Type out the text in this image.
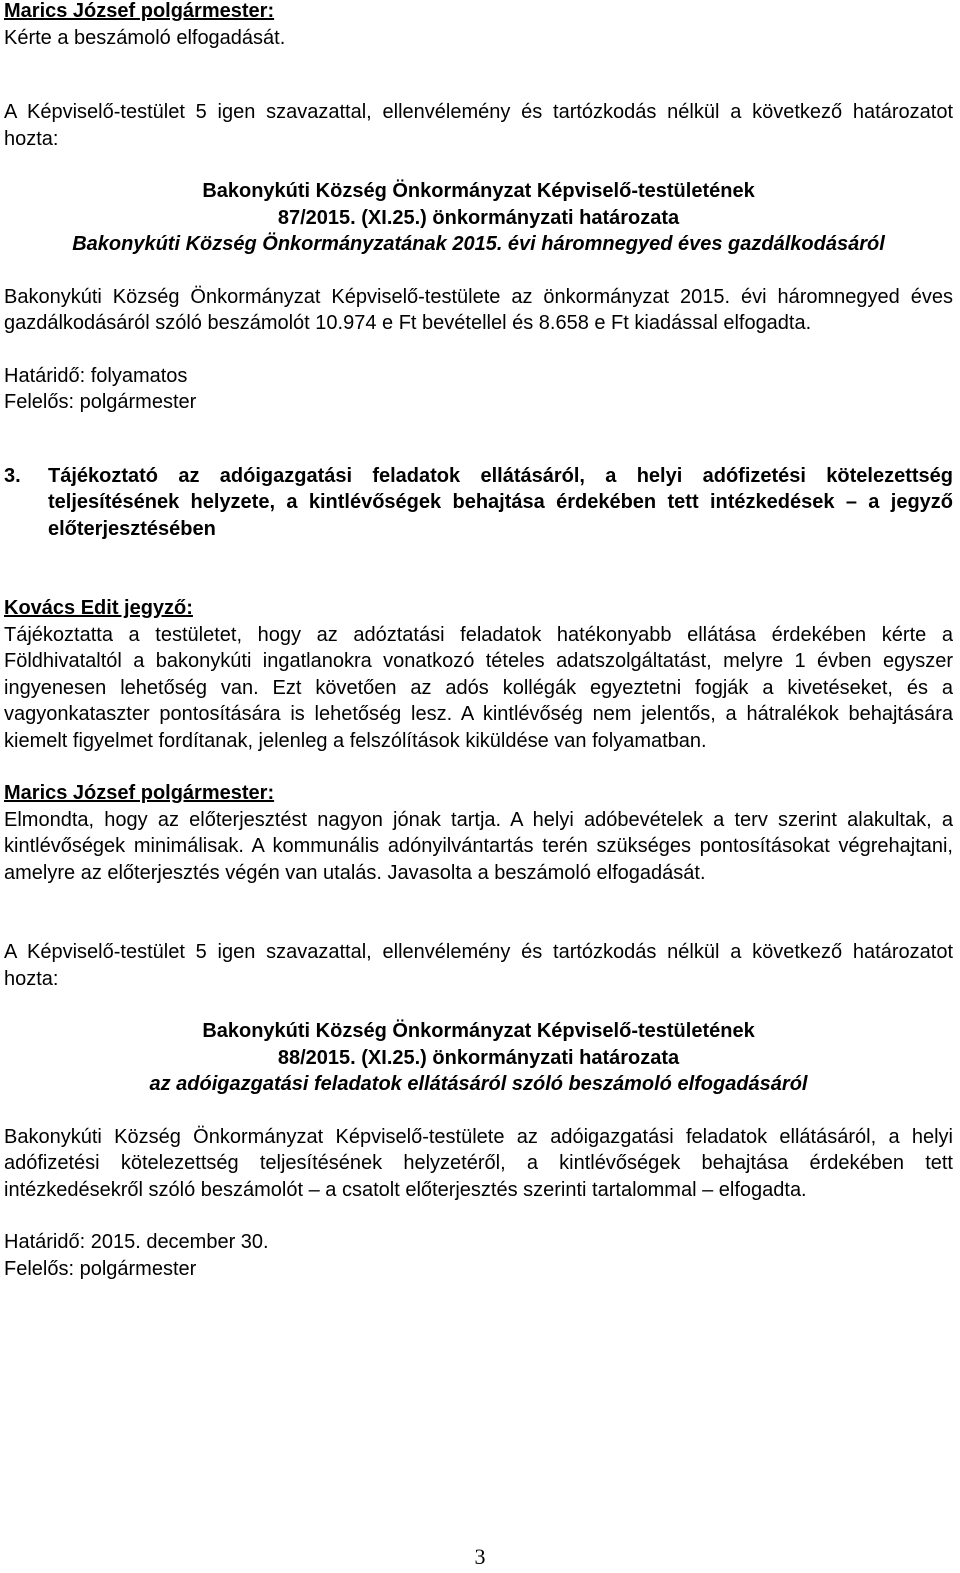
Marics József polgármester:

Kérte a beszámoló elfogadását.

A Képviselő-testület 5 igen szavazattal, ellenvélemény és tartózkodás nélkül a következő határozatot hozta:

Bakonykúti Község Önkormányzat Képviselő-testületének

87/2015. (XI.25.) önkormányzati határozata

Bakonykúti Község Önkormányzatának 2015. évi háromnegyed éves gazdálkodásáról

Bakonykúti Község Önkormányzat Képviselő-testülete az önkormányzat 2015. évi háromnegyed éves gazdálkodásáról szóló beszámolót 10.974 e Ft bevétellel és 8.658 e Ft kiadással elfogadta.

Határidő: folyamatos

Felelős: polgármester

3.	Tájékoztató az adóigazgatási feladatok ellátásáról, a helyi adófizetési kötelezettség teljesítésének helyzete, a kintlévőségek behajtása érdekében tett intézkedések – a jegyző előterjesztésében

Kovács Edit jegyző:

Tájékoztatta a testületet, hogy az adóztatási feladatok hatékonyabb ellátása érdekében kérte a Földhivataltól a bakonykúti ingatlanokra vonatkozó tételes adatszolgáltatást, melyre 1 évben egyszer ingyenesen lehetőség van. Ezt követően az adós kollégák egyeztetni fogják a kivetéseket, és a vagyonkataszter pontosítására is lehetőség lesz. A kintlévőség nem jelentős, a hátralékok behajtására kiemelt figyelmet fordítanak, jelenleg a felszólítások kiküldése van folyamatban.

Marics József polgármester:

Elmondta, hogy az előterjesztést nagyon jónak tartja. A helyi adóbevételek a terv szerint alakultak, a kintlévőségek minimálisak. A kommunális adónyilvántartás terén szükséges pontosításokat végrehajtani, amelyre az előterjesztés végén van utalás. Javasolta a beszámoló elfogadását.

A Képviselő-testület 5 igen szavazattal, ellenvélemény és tartózkodás nélkül a következő határozatot hozta:

Bakonykúti Község Önkormányzat Képviselő-testületének

88/2015. (XI.25.) önkormányzati határozata

az adóigazgatási feladatok ellátásáról szóló beszámoló elfogadásáról

Bakonykúti Község Önkormányzat Képviselő-testülete az adóigazgatási feladatok ellátásáról, a helyi adófizetési kötelezettség teljesítésének helyzetéről, a kintlévőségek behajtása érdekében tett intézkedésekről szóló beszámolót – a csatolt előterjesztés szerinti tartalommal – elfogadta.

Határidő: 2015. december 30.

Felelős: polgármester

3
